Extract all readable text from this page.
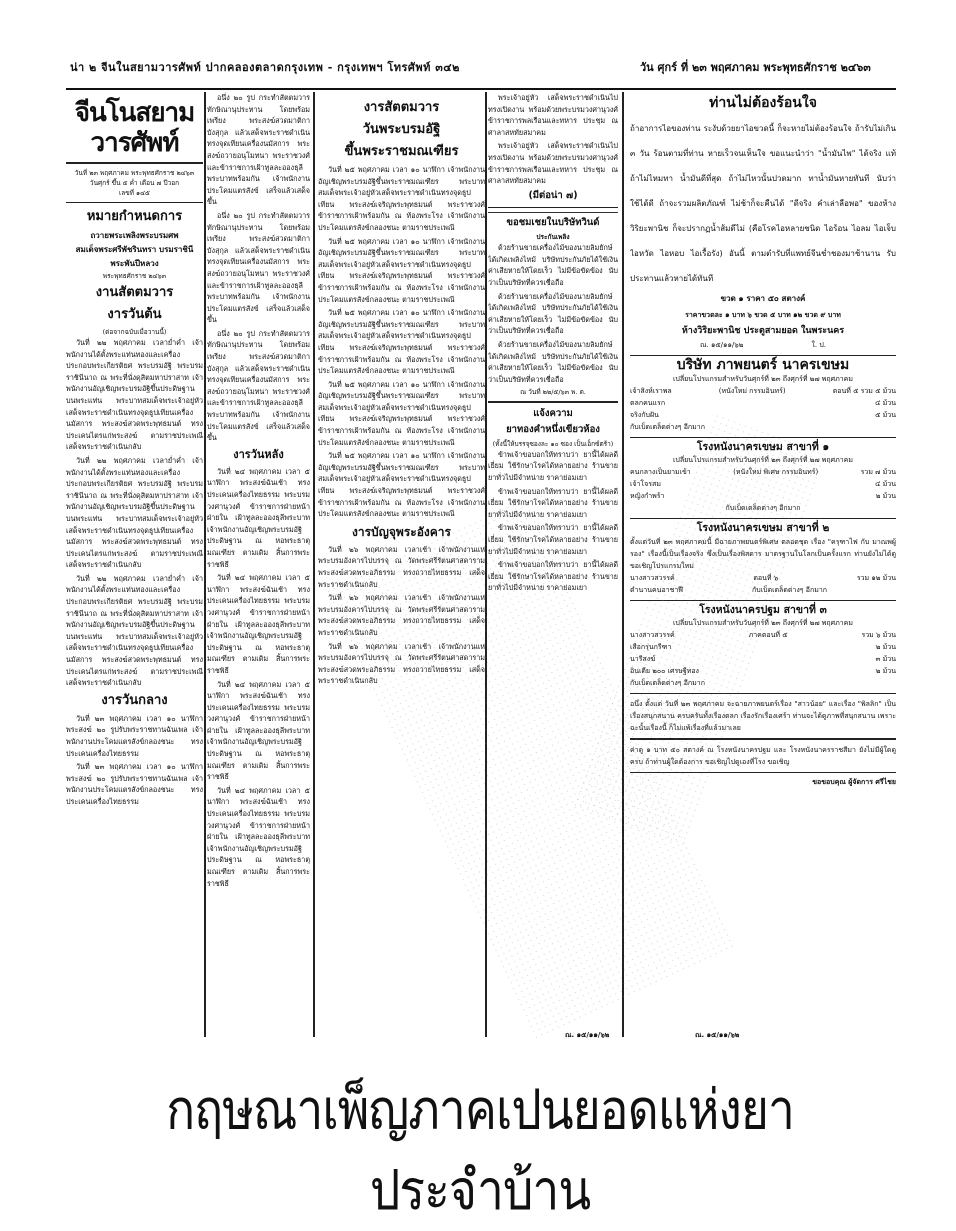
น่า ๒ จีนในสยามวารศัพท์ ปากคลองตลาดกรุงเทพ - กรุงเทพฯ โทรศัพท์ ๓๔๒	วัน ศุกร์ ที่ ๒๓ พฤศภาคม พระพุทธศักราช ๒๔๖๓
จีนโนสยามวารศัพท์
วันที่ ๒๓ พฤศภาคม พระพุทธศักราช ๒๔๖๓
วันศุกร์ ขึ้น ๕ ค่ำ เดือน ๗ ปีวอก
เลขที่ ๑๔๕
หมายกำหนดการ
ถวายพระเพลิงพระบรมศพ
สมเด็จพระศรีพัชรินทรา บรมราชินี
พระพันปีหลวง
พระพุทธศักราช ๒๔๖๓
งานสัตตมวาร
งารวันต้น
(ต่อจากฉบับเมื่อวานนี้)

วันที่ ๒๒ พฤศภาคม เวลาย่ำค่ำ เจ้าพนักงานได้ตั้งพระแท่นทองและเครื่องประกอบพระเกียรติยศ พระบรมอัฐิ พระบรมราชินีนาถ ณ พระที่นั่งดุสิตมหาปราสาท เจ้าพนักงานอัญเชิญพระบรมอัฐิขึ้นประดิษฐานบนพระแท่น พระบาทสมเด็จพระเจ้าอยู่หัวเสด็จพระราชดำเนินทรงจุดธูปเทียนเครื่องนมัสการ พระสงฆ์สวดพระพุทธมนต์ ทรงประเคนไตรแก่พระสงฆ์ ตามราชประเพณี เสด็จพระราชดำเนินกลับ

วันที่ ๒๒ พฤศภาคม เวลาย่ำค่ำ เจ้าพนักงานได้ตั้งพระแท่นทองและเครื่องประกอบพระเกียรติยศ พระบรมอัฐิ พระบรมราชินีนาถ ณ พระที่นั่งดุสิตมหาปราสาท เจ้าพนักงานอัญเชิญพระบรมอัฐิขึ้นประดิษฐานบนพระแท่น พระบาทสมเด็จพระเจ้าอยู่หัวเสด็จพระราชดำเนินทรงจุดธูปเทียนเครื่องนมัสการ พระสงฆ์สวดพระพุทธมนต์ ทรงประเคนไตรแก่พระสงฆ์ ตามราชประเพณี เสด็จพระราชดำเนินกลับ

วันที่ ๒๒ พฤศภาคม เวลาย่ำค่ำ เจ้าพนักงานได้ตั้งพระแท่นทองและเครื่องประกอบพระเกียรติยศ พระบรมอัฐิ พระบรมราชินีนาถ ณ พระที่นั่งดุสิตมหาปราสาท เจ้าพนักงานอัญเชิญพระบรมอัฐิขึ้นประดิษฐานบนพระแท่น พระบาทสมเด็จพระเจ้าอยู่หัวเสด็จพระราชดำเนินทรงจุดธูปเทียนเครื่องนมัสการ พระสงฆ์สวดพระพุทธมนต์ ทรงประเคนไตรแก่พระสงฆ์ ตามราชประเพณี เสด็จพระราชดำเนินกลับ

งารวันกลาง

วันที่ ๒๓ พฤศภาคม เวลา ๑๐ นาฬิกา พระสงฆ์ ๒๐ รูปรับพระราชทานฉันเพล เจ้าพนักงานประโคมแตรสังข์กลองชนะ ทรงประเคนเครื่องไทยธรรม

วันที่ ๒๓ พฤศภาคม เวลา ๑๐ นาฬิกา พระสงฆ์ ๒๐ รูปรับพระราชทานฉันเพล เจ้าพนักงานประโคมแตรสังข์กลองชนะ ทรงประเคนเครื่องไทยธรรม

อนึ่ง ๒๐ รูป กระทำสัตตมวารทักษิณานุประทาน โดยพร้อมเพรียง พระสงฆ์สวดมาติกา บังสุกุล แล้วเสด็จพระราชดำเนิน ทรงจุดเทียนเครื่องนมัสการ พระสงฆ์ถวายอนุโมทนา พระราชวงศ์และข้าราชการเฝ้าทูลละอองธุลีพระบาทพร้อมกัน เจ้าพนักงานประโคมแตรสังข์ เสร็จแล้วเสด็จขึ้น

อนึ่ง ๒๐ รูป กระทำสัตตมวารทักษิณานุประทาน โดยพร้อมเพรียง พระสงฆ์สวดมาติกา บังสุกุล แล้วเสด็จพระราชดำเนิน ทรงจุดเทียนเครื่องนมัสการ พระสงฆ์ถวายอนุโมทนา พระราชวงศ์และข้าราชการเฝ้าทูลละอองธุลีพระบาทพร้อมกัน เจ้าพนักงานประโคมแตรสังข์ เสร็จแล้วเสด็จขึ้น

อนึ่ง ๒๐ รูป กระทำสัตตมวารทักษิณานุประทาน โดยพร้อมเพรียง พระสงฆ์สวดมาติกา บังสุกุล แล้วเสด็จพระราชดำเนิน ทรงจุดเทียนเครื่องนมัสการ พระสงฆ์ถวายอนุโมทนา พระราชวงศ์และข้าราชการเฝ้าทูลละอองธุลีพระบาทพร้อมกัน เจ้าพนักงานประโคมแตรสังข์ เสร็จแล้วเสด็จขึ้น

งารวันหลัง

วันที่ ๒๔ พฤศภาคม เวลา ๕ นาฬิกา พระสงฆ์ฉันเช้า ทรงประเคนเครื่องไทยธรรม พระบรมวงศานุวงศ์ ข้าราชการฝ่ายหน้าฝ่ายใน เฝ้าทูลละอองธุลีพระบาท เจ้าพนักงานอัญเชิญพระบรมอัฐิประดิษฐาน ณ หอพระธาตุมณเฑียร ตามเดิม สิ้นการพระราชพิธี

วันที่ ๒๔ พฤศภาคม เวลา ๕ นาฬิกา พระสงฆ์ฉันเช้า ทรงประเคนเครื่องไทยธรรม พระบรมวงศานุวงศ์ ข้าราชการฝ่ายหน้าฝ่ายใน เฝ้าทูลละอองธุลีพระบาท เจ้าพนักงานอัญเชิญพระบรมอัฐิประดิษฐาน ณ หอพระธาตุมณเฑียร ตามเดิม สิ้นการพระราชพิธี

วันที่ ๒๔ พฤศภาคม เวลา ๕ นาฬิกา พระสงฆ์ฉันเช้า ทรงประเคนเครื่องไทยธรรม พระบรมวงศานุวงศ์ ข้าราชการฝ่ายหน้าฝ่ายใน เฝ้าทูลละอองธุลีพระบาท เจ้าพนักงานอัญเชิญพระบรมอัฐิประดิษฐาน ณ หอพระธาตุมณเฑียร ตามเดิม สิ้นการพระราชพิธี

วันที่ ๒๔ พฤศภาคม เวลา ๕ นาฬิกา พระสงฆ์ฉันเช้า ทรงประเคนเครื่องไทยธรรม พระบรมวงศานุวงศ์ ข้าราชการฝ่ายหน้าฝ่ายใน เฝ้าทูลละอองธุลีพระบาท เจ้าพนักงานอัญเชิญพระบรมอัฐิประดิษฐาน ณ หอพระธาตุมณเฑียร ตามเดิม สิ้นการพระราชพิธี

งารสัตตมวาร
วันพระบรมอัฐิ
ขึ้นพระราชมณเฑียร

วันที่ ๒๕ พฤศภาคม เวลา ๑๐ นาฬิกา เจ้าพนักงานอัญเชิญพระบรมอัฐิขึ้นพระราชมณเฑียร พระบาทสมเด็จพระเจ้าอยู่หัวเสด็จพระราชดำเนินทรงจุดธูปเทียน พระสงฆ์เจริญพระพุทธมนต์ พระราชวงศ์ข้าราชการเฝ้าพร้อมกัน ณ ท้องพระโรง เจ้าพนักงานประโคมแตรสังข์กลองชนะ ตามราชประเพณี

วันที่ ๒๕ พฤศภาคม เวลา ๑๐ นาฬิกา เจ้าพนักงานอัญเชิญพระบรมอัฐิขึ้นพระราชมณเฑียร พระบาทสมเด็จพระเจ้าอยู่หัวเสด็จพระราชดำเนินทรงจุดธูปเทียน พระสงฆ์เจริญพระพุทธมนต์ พระราชวงศ์ข้าราชการเฝ้าพร้อมกัน ณ ท้องพระโรง เจ้าพนักงานประโคมแตรสังข์กลองชนะ ตามราชประเพณี

วันที่ ๒๕ พฤศภาคม เวลา ๑๐ นาฬิกา เจ้าพนักงานอัญเชิญพระบรมอัฐิขึ้นพระราชมณเฑียร พระบาทสมเด็จพระเจ้าอยู่หัวเสด็จพระราชดำเนินทรงจุดธูปเทียน พระสงฆ์เจริญพระพุทธมนต์ พระราชวงศ์ข้าราชการเฝ้าพร้อมกัน ณ ท้องพระโรง เจ้าพนักงานประโคมแตรสังข์กลองชนะ ตามราชประเพณี

วันที่ ๒๕ พฤศภาคม เวลา ๑๐ นาฬิกา เจ้าพนักงานอัญเชิญพระบรมอัฐิขึ้นพระราชมณเฑียร พระบาทสมเด็จพระเจ้าอยู่หัวเสด็จพระราชดำเนินทรงจุดธูปเทียน พระสงฆ์เจริญพระพุทธมนต์ พระราชวงศ์ข้าราชการเฝ้าพร้อมกัน ณ ท้องพระโรง เจ้าพนักงานประโคมแตรสังข์กลองชนะ ตามราชประเพณี

วันที่ ๒๕ พฤศภาคม เวลา ๑๐ นาฬิกา เจ้าพนักงานอัญเชิญพระบรมอัฐิขึ้นพระราชมณเฑียร พระบาทสมเด็จพระเจ้าอยู่หัวเสด็จพระราชดำเนินทรงจุดธูปเทียน พระสงฆ์เจริญพระพุทธมนต์ พระราชวงศ์ข้าราชการเฝ้าพร้อมกัน ณ ท้องพระโรง เจ้าพนักงานประโคมแตรสังข์กลองชนะ ตามราชประเพณี

งารบัญจุพระอังคาร

วันที่ ๒๖ พฤศภาคม เวลาเช้า เจ้าพนักงานแห่พระบรมอังคารไปบรรจุ ณ วัดพระศรีรัตนศาสดาราม พระสงฆ์สวดพระอภิธรรม ทรงถวายไทยธรรม เสด็จพระราชดำเนินกลับ

วันที่ ๒๖ พฤศภาคม เวลาเช้า เจ้าพนักงานแห่พระบรมอังคารไปบรรจุ ณ วัดพระศรีรัตนศาสดาราม พระสงฆ์สวดพระอภิธรรม ทรงถวายไทยธรรม เสด็จพระราชดำเนินกลับ

วันที่ ๒๖ พฤศภาคม เวลาเช้า เจ้าพนักงานแห่พระบรมอังคารไปบรรจุ ณ วัดพระศรีรัตนศาสดาราม พระสงฆ์สวดพระอภิธรรม ทรงถวายไทยธรรม เสด็จพระราชดำเนินกลับ

พระเจ้าอยู่หัว เสด็จพระราชดำเนินไปทรงเปิดงาน พร้อมด้วยพระบรมวงศานุวงศ์ ข้าราชการพลเรือนและทหาร ประชุม ณ ศาลาสหทัยสมาคม

พระเจ้าอยู่หัว เสด็จพระราชดำเนินไปทรงเปิดงาน พร้อมด้วยพระบรมวงศานุวงศ์ ข้าราชการพลเรือนและทหาร ประชุม ณ ศาลาสหทัยสมาคม

(มีต่อน่า ๗)
ขอชมเชยในบริษัทวินด์
ประกันเพลิง

ด้วยร้านขายเครื่องไม้ของนายลิมยักษ์ ได้เกิดเพลิงไหม้ บริษัทประกันภัยได้ใช้เงินค่าเสียหายให้โดยเร็ว ไม่มีข้อขัดข้อง นับว่าเป็นบริษัทที่ควรเชื่อถือ

ด้วยร้านขายเครื่องไม้ของนายลิมยักษ์ ได้เกิดเพลิงไหม้ บริษัทประกันภัยได้ใช้เงินค่าเสียหายให้โดยเร็ว ไม่มีข้อขัดข้อง นับว่าเป็นบริษัทที่ควรเชื่อถือ

ด้วยร้านขายเครื่องไม้ของนายลิมยักษ์ ได้เกิดเพลิงไหม้ บริษัทประกันภัยได้ใช้เงินค่าเสียหายให้โดยเร็ว ไม่มีข้อขัดข้อง นับว่าเป็นบริษัทที่ควรเชื่อถือ

ณ วันที่ ๒๒/๕/๖๓ พ. ต.
แจ้งความ
ยาทองคำหนึ่งเขียวห้อง
(ทั้งนี้ให้บรรจุซองละ ๑๐ ซอง เป็นเอ็กซ์ตร้า)

ข้าพเจ้าขอบอกให้ทราบว่า ยานี้ได้ผลดีเยี่ยม ใช้รักษาโรคได้หลายอย่าง ร้านขายยาทั่วไปมีจำหน่าย ราคาย่อมเยา

ข้าพเจ้าขอบอกให้ทราบว่า ยานี้ได้ผลดีเยี่ยม ใช้รักษาโรคได้หลายอย่าง ร้านขายยาทั่วไปมีจำหน่าย ราคาย่อมเยา

ข้าพเจ้าขอบอกให้ทราบว่า ยานี้ได้ผลดีเยี่ยม ใช้รักษาโรคได้หลายอย่าง ร้านขายยาทั่วไปมีจำหน่าย ราคาย่อมเยา

ข้าพเจ้าขอบอกให้ทราบว่า ยานี้ได้ผลดีเยี่ยม ใช้รักษาโรคได้หลายอย่าง ร้านขายยาทั่วไปมีจำหน่าย ราคาย่อมเยา

ท่านไม่ต้องร้อนใจ
ถ้าอาการไอของท่าน ระงับด้วยยาไอขวดนี้ ก็จะหายไม่ต้องร้อนใจ ถ้ารับไม่เกิน ๓ วัน ร้อนตามที่ท่าน หายเร็วจนเห็นใจ ขอแนะนำว่า "น้ำมันไพ" ได้จริง แท้ ถ้าไม่ไหมทา น้ำมันดีที่สุด ถ้าไม่ไหวนั้นปวดมาก ทาน้ำมันหายทันที นับว่าใช้ได้ดี ถ้าจะรวมผลิตภัณฑ์ ไม่ช้าก็จะคืนได้ "ดีจริง คำเล่าลือพอ" ของห้างวิริยะพานิช ก็จะปรากฏน้ำส้มดีไม่ (คือโรคไอหลายชนิด ไอร้อน ไอลม ไอเจ็บ ไอหวัด ไอหอบ ไอเรื้อรัง) อันนี้ ตามตำรับที่แพทย์จีนช่ำชองมาช้านาน รับประทานแล้วหายได้ทันที
ขวด ๑ ราคา ๕๐ สตางค์
ราคาขวดละ ๑ บาท ๖ ขวด ๕ บาท ๑๒ ขวด ๙ บาท
ห้างวิริยะพานิช ประตูสามยอด ในพระนคร
ณ. ๑๕/๑๑/๖๒	ใ. ป.
บริษัท ภาพยนตร์ นาครเขษม
เปลี่ยนโปรแกรมสำหรับวันศุกร์ที่ ๒๓ ถึงศุกร์ที่ ๒๗ พฤศภาคม
เจ้าสิงห์เราพล	(หนังใหม่ กรรมอินทร์)	ตอนที่ ๕ รวม ๕ ม้วน
ตลกคนแรก	๔ ม้วน
จริงกับฝัน	๕ ม้วน
กับเบ็ดเตล็ดต่างๆ อีกมาก
โรงหนังนาครเขษม สาขาที่ ๑
เปลี่ยนโปรแกรมสำหรับวันศุกร์ที่ ๒๓ ถึงศุกร์ที่ ๒๗ พฤศภาคม
คนกลางเป็นยามเข้า	(หนังใหม่ พิเศษ กรรมอินทร์)	รวม ๗ ม้วน
เจ้าโจรสม	๔ ม้วน
หญิงกำพร้า	๒ ม้วน
กับเบ็ดเตล็ดต่างๆ อีกมาก
โรงหนังนาครเขษม สาขาที่ ๒
ตั้งแต่วันที่ ๒๓ พฤศภาคมนี้ มีฉายภาพยนตร์พิเศษ ตลอดชุด เรื่อง "ครุฑาไฟ กับ มาณพผู้รอง" เรื่องนี้เป็นเรื่องจริง ซึ่งเป็นเรื่องพิสดาร มาตรฐานในโลกเป็นครั้งแรก ท่านยังไม่ได้ดู ขอเชิญโปรแกรมใหม่
นางสาวสวรรค์	ตอนที่ ๖	รวม ๑๒ ม้วน
ตำนานคนอาชาฬี	กับเบ็ดเตล็ดต่างๆ อีกมาก
โรงหนังนาครปฐม สาขาที่ ๓
เปลี่ยนโปรแกรมสำหรับวันศุกร์ที่ ๒๓ ถึงศุกร์ที่ ๒๗ พฤศภาคม
นางสาวสวรรค์	ภาคตอนที่ ๕	รวม ๖ ม้วน
เสือกรุ่นกรีฑา	๒ ม้วน
นารีสงฆ์	๓ ม้วน
อินเดีย ๒๐๐ เศรษฐีทอง	๒ ม้วน
กับเบ็ดเตล็ดต่างๆ อีกมาก
อนึ่ง ตั้งแต่ วันที่ ๒๓ พฤศภาคม จะฉายภาพยนตร์เรื่อง "สาวน้อย" และเรื่อง "พิลลิก" เป็นเรื่องสนุกสนาน ครบครันทั้งเรื่องตลก เรื่องรักเรื่องเศร้า ท่านจะได้ดูภาพที่สนุกสนาน เพราะฉะนั้นเรื่องนี้ ก็ไม่แพ้เรื่องที่แล้วมาเลย
ค่าดู ๑ บาท ๕๐ สตางค์ ณ โรงหนังนาครปฐม และ โรงหนังนาครราชสีมา ยังไม่มีผู้ใดดูครบ ถ้าท่านผู้ใดต้องการ ขอเชิญไปดูเองที่โรง ขอเชิญ
ขอขอบคุณ ผู้จัดการ ศรีไชย
ณ. ๑๕/๑๑/๖๒	ณ. ๑๕/๑๑/๖๒
กฤษณาเพ็ญภาคเปนยอดแห่งยาประจำบ้าน
